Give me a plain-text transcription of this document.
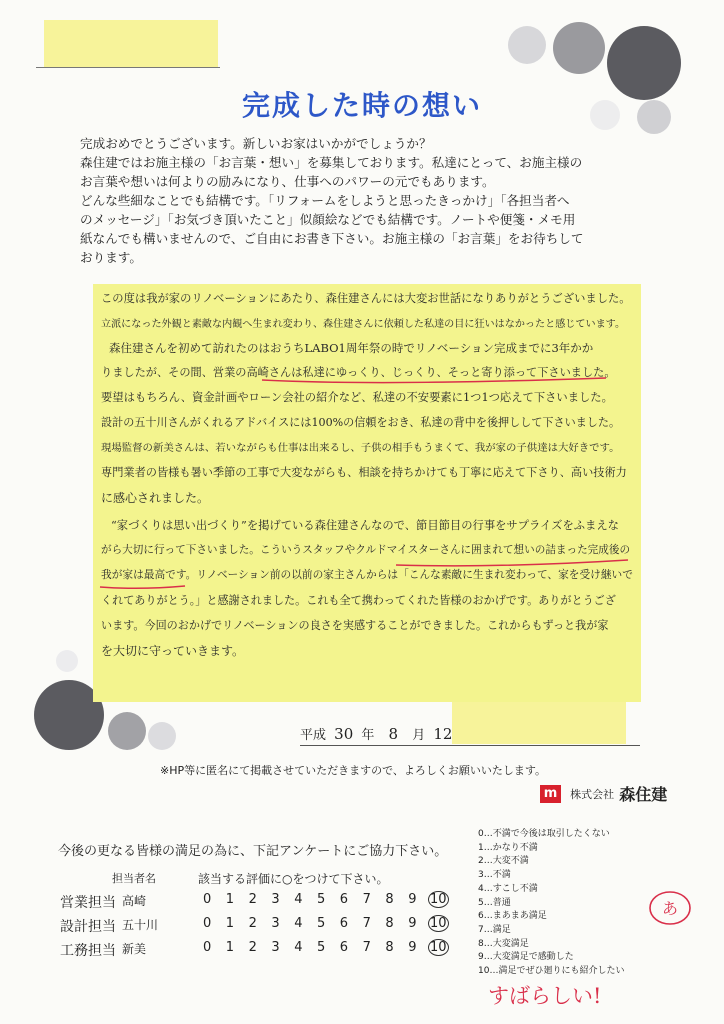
完成した時の想い
完成おめでとうございます。新しいお家はいかがでしょうか？
森住建ではお施主様の「お言葉・想い」を募集しております。私達にとって、お施主様の
お言葉や想いは何よりの励みになり、仕事へのパワーの元でもあります。
どんな些細なことでも結構です。「リフォームをしようと思ったきっかけ」「各担当者へ
のメッセージ」「お気づき頂いたこと」似顔絵などでも結構です。ノートや便箋・メモ用
紙なんでも構いませんので、ご自由にお書き下さい。お施主様の「お言葉」をお待ちして
おります。
この度は我が家のリノベーションにあたり、森住建さんには大変お世話になりありがとうございました。
立派になった外観と素敵な内観へ生まれ変わり、森住建さんに依頼した私達の目に狂いはなかったと感じています。
森住建さんを初めて訪れたのはおうちLABO1周年祭の時でリノベーション完成までに3年かか
りましたが、その間、営業の高崎さんは私達にゆっくり、じっくり、そっと寄り添って下さいました。
要望はもちろん、資金計画やローン会社の紹介など、私達の不安要素に1つ1つ応えて下さいました。
設計の五十川さんがくれるアドバイスには100%の信頼をおき、私達の背中を後押しして下さいました。
現場監督の新美さんは、若いながらも仕事は出来るし、子供の相手もうまくて、我が家の子供達は大好きです。
専門業者の皆様も暑い季節の工事で大変ながらも、相談を持ちかけても丁寧に応えて下さり、高い技術力
に感心されました。
“家づくりは思い出づくり”を掲げている森住建さんなので、節目節目の行事をサプライズをふまえな
がら大切に行って下さいました。こういうスタッフやクルドマイスターさんに囲まれて想いの詰まった完成後の
我が家は最高です。リノベーション前の以前の家主さんからは「こんな素敵に生まれ変わって、家を受け継いで
くれてありがとう。」と感謝されました。これも全て携わってくれた皆様のおかげです。ありがとうござ
います。今回のおかげでリノベーションの良さを実感することができました。これからもずっと我が家
を大切に守っていきます。
平成 30 年 8 月 12
※HP等に匿名にて掲載させていただきますので、よろしくお願いいたします。
m 株式会社 森住建
今後の更なる皆様の満足の為に、下記アンケートにご協力下さい。
担当者名	該当する評価に○をつけて下さい。
営業担当 高崎	0 1 2 3 4 5 6 7 8 9 10
設計担当 五十川	0 1 2 3 4 5 6 7 8 9 10
工務担当 新美	0 1 2 3 4 5 6 7 8 9 10
0…不満で今後は取引したくない
1…かなり不満
2…大変不満
3…不満
4…すこし不満
5…普通
6…まあまあ満足
7…満足
8…大変満足
9…大変満足で感動した
10…満足でぜひ廻りにも紹介したい
あ
すばらしい!
